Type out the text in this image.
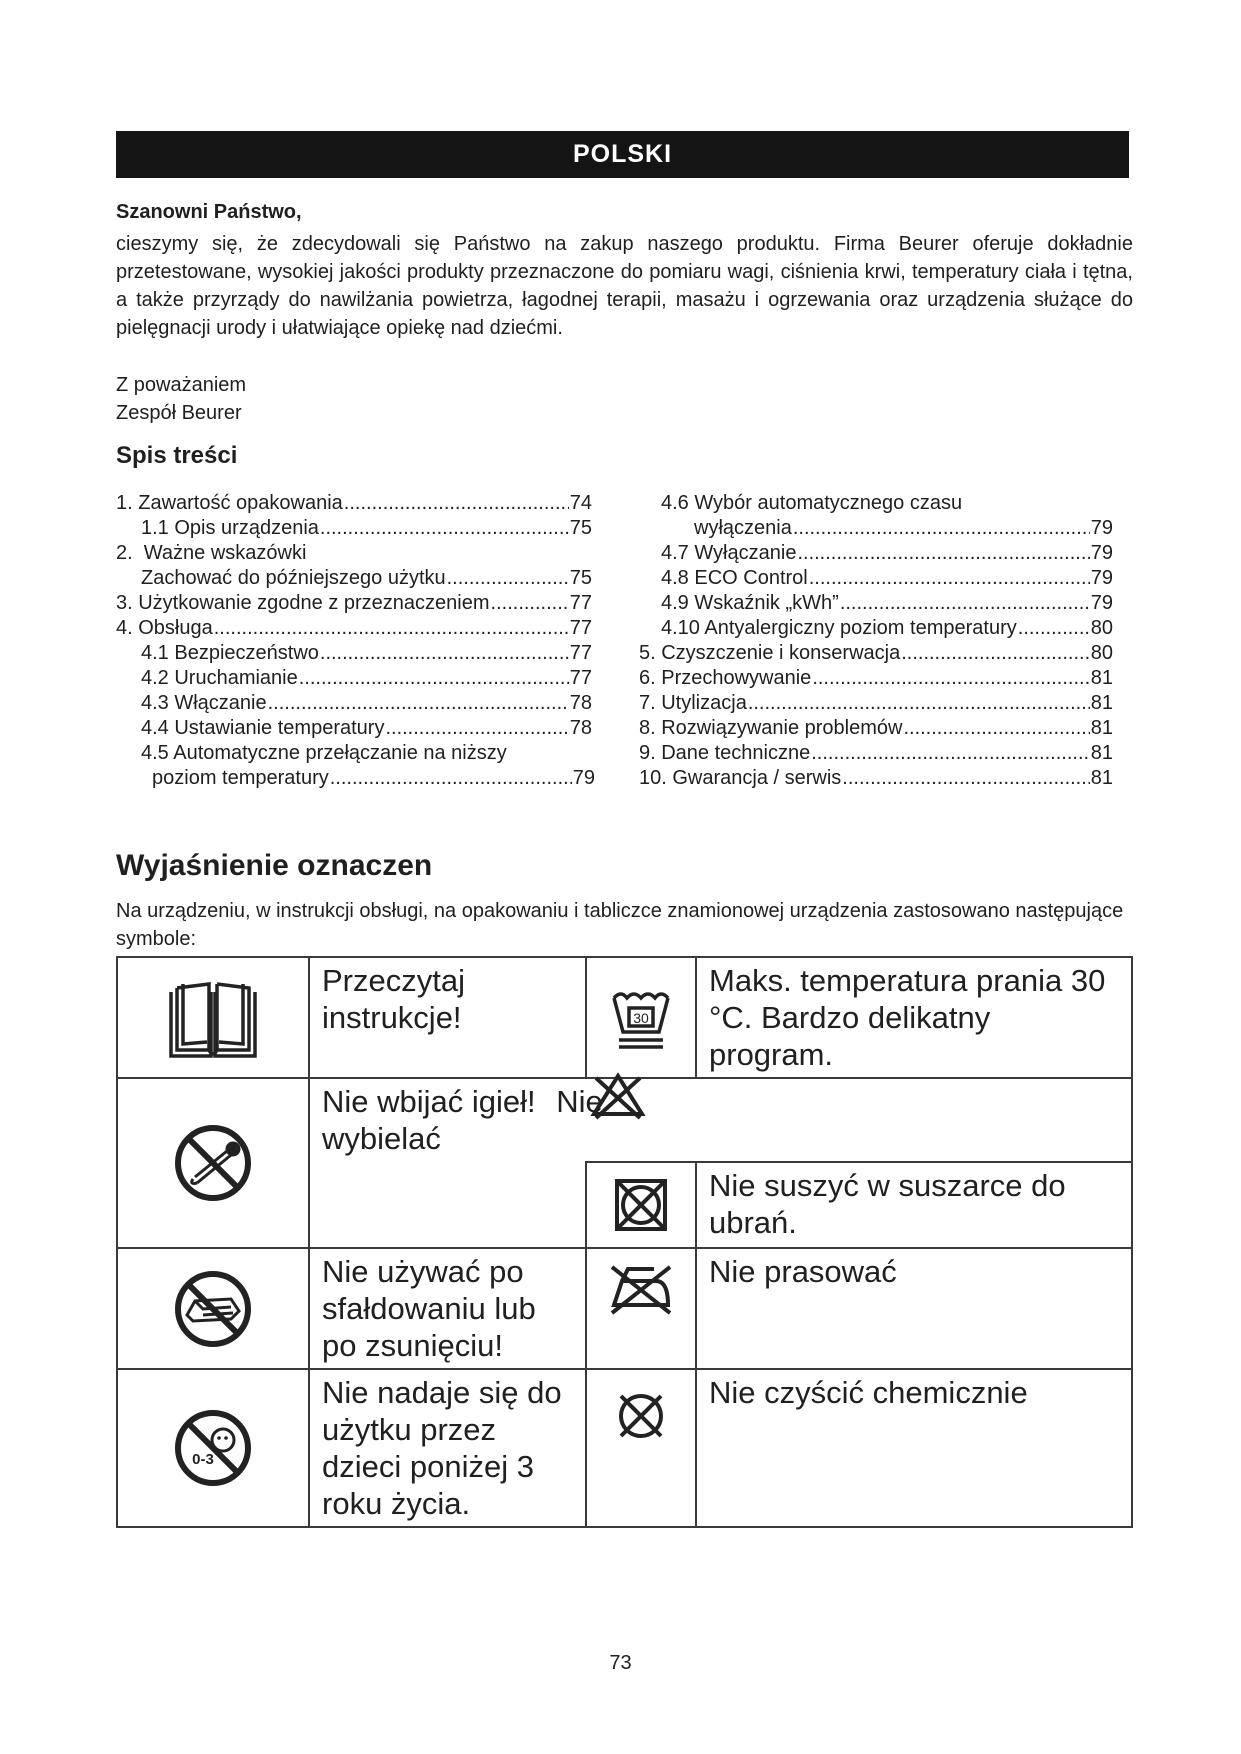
POLSKI
Szanowni Państwo,

cieszymy się, że zdecydowali się Państwo na zakup naszego produktu. Firma Beurer oferuje dokładnie przetestowane, wysokiej jakości produkty przeznaczone do pomiaru wagi, ciśnienia krwi, temperatury ciała i tętna, a także przyrządy do nawilżania powietrza, łagodnej terapii, masażu i ogrzewania oraz urządzenia służące do pielęgnacji urody i ułatwiające opiekę nad dziećmi.

Z poważaniem
Zespół Beurer
Spis treści
1. Zawartość opakowania .....	74
1.1 Opis urządzenia .....	75
2.  Ważne wskazówki
Zachować do późniejszego użytku .....	75
3. Użytkowanie zgodne z przeznaczeniem .....	77
4. Obsługa .....	77
4.1 Bezpieczeństwo .....	77
4.2 Uruchamianie .....	77
4.3 Włączanie .....	78
4.4 Ustawianie temperatury .....	78
4.5 Automatyczne przełączanie na niższy
poziom temperatury .....	79
4.6 Wybór automatycznego czasu
wyłączenia .....	79
4.7 Wyłączanie .....	79
4.8 ECO Control .....	79
4.9 Wskaźnik „kWh” .....	79
4.10 Antyalergiczny poziom temperatury .....	80
5. Czyszczenie i konserwacja .....	80
6. Przechowywanie .....	81
7. Utylizacja .....	81
8. Rozwiązywanie problemów .....	81
9. Dane techniczne .....	81
10. Gwarancja / serwis .....	81
Wyjaśnienie oznaczen

Na urządzeniu, w instrukcji obsługi, na opakowaniu i tabliczce znamionowej urządzenia zastosowano następujące symbole:

	Przeczytaj instrukcje!	30	Maks. temperatura prania 30 °C. Bardzo delikatny program.

	Nie wbijać igieł! Nie wybielać		

	Nie suszyć w suszarce do ubrań.

	Nie używać po sfałdowaniu lub po zsunięciu!		Nie prasować

0-3	Nie nadaje się do użytku przez dzieci poniżej 3 roku życia.		Nie czyścić chemicznie
73
